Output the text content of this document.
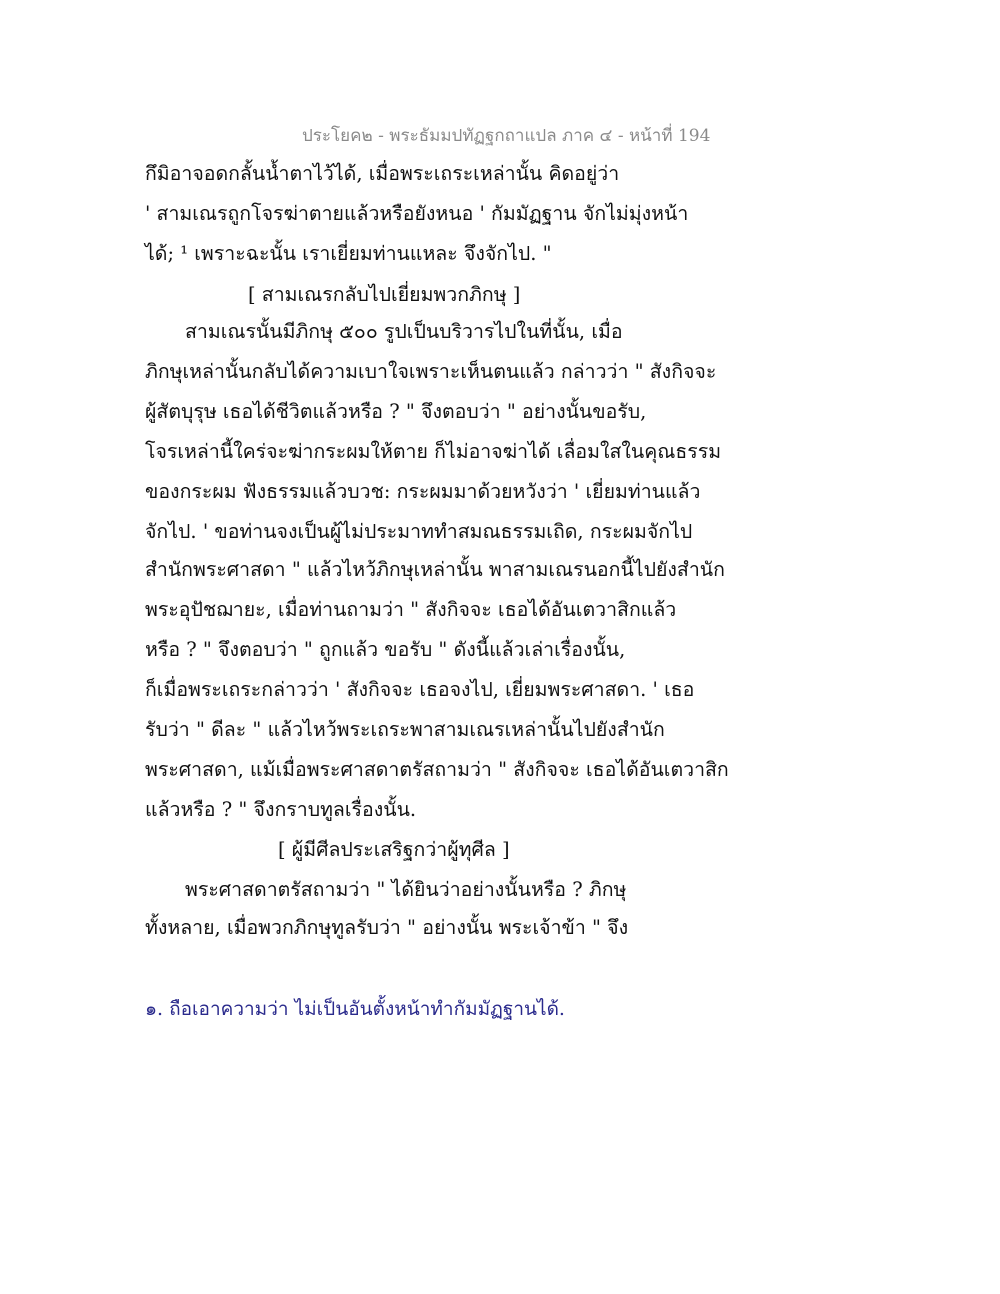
ประโยค๒ - พระธัมมปทัฏฐกถาแปล ภาค ๔ - หน้าที่ 194
กึมิอาจอดกลั้นน้ำตาไว้ได้, เมื่อพระเถระเหล่านั้น คิดอยู่ว่า
' สามเณรถูกโจรฆ่าตายแล้วหรือยังหนอ ' กัมมัฏฐาน จักไม่มุ่งหน้า
ได้; ¹ เพราะฉะนั้น เราเยี่ยมท่านแหละ จึงจักไป. "
[ สามเณรกลับไปเยี่ยมพวกภิกษุ ]
สามเณรนั้นมีภิกษุ ๕๐๐ รูปเป็นบริวารไปในที่นั้น, เมื่อ
ภิกษุเหล่านั้นกลับได้ความเบาใจเพราะเห็นตนแล้ว กล่าวว่า " สังกิจจะ
ผู้สัตบุรุษ เธอได้ชีวิตแล้วหรือ ? " จึงตอบว่า " อย่างนั้นขอรับ,
โจรเหล่านี้ใคร่จะฆ่ากระผมให้ตาย ก็ไม่อาจฆ่าได้ เลื่อมใสในคุณธรรม
ของกระผม ฟังธรรมแล้วบวช: กระผมมาด้วยหวังว่า ' เยี่ยมท่านแล้ว
จักไป. ' ขอท่านจงเป็นผู้ไม่ประมาททำสมณธรรมเถิด, กระผมจักไป
สำนักพระศาสดา " แล้วไหว้ภิกษุเหล่านั้น พาสามเณรนอกนี้ไปยังสำนัก
พระอุปัชฌายะ, เมื่อท่านถามว่า " สังกิจจะ เธอได้อันเตวาสิกแล้ว
หรือ ? " จึงตอบว่า " ถูกแล้ว ขอรับ " ดังนี้แล้วเล่าเรื่องนั้น,
ก็เมื่อพระเถระกล่าวว่า ' สังกิจจะ เธอจงไป, เยี่ยมพระศาสดา. ' เธอ
รับว่า " ดีละ " แล้วไหว้พระเถระพาสามเณรเหล่านั้นไปยังสำนัก
พระศาสดา, แม้เมื่อพระศาสดาตรัสถามว่า " สังกิจจะ เธอได้อันเตวาสิก
แล้วหรือ ? " จึงกราบทูลเรื่องนั้น.
[ ผู้มีศีลประเสริฐกว่าผู้ทุศีล ]
พระศาสดาตรัสถามว่า " ได้ยินว่าอย่างนั้นหรือ ? ภิกษุ
ทั้งหลาย, เมื่อพวกภิกษุทูลรับว่า " อย่างนั้น พระเจ้าข้า " จึง
๑. ถือเอาความว่า ไม่เป็นอันตั้งหน้าทำกัมมัฏฐานได้.
